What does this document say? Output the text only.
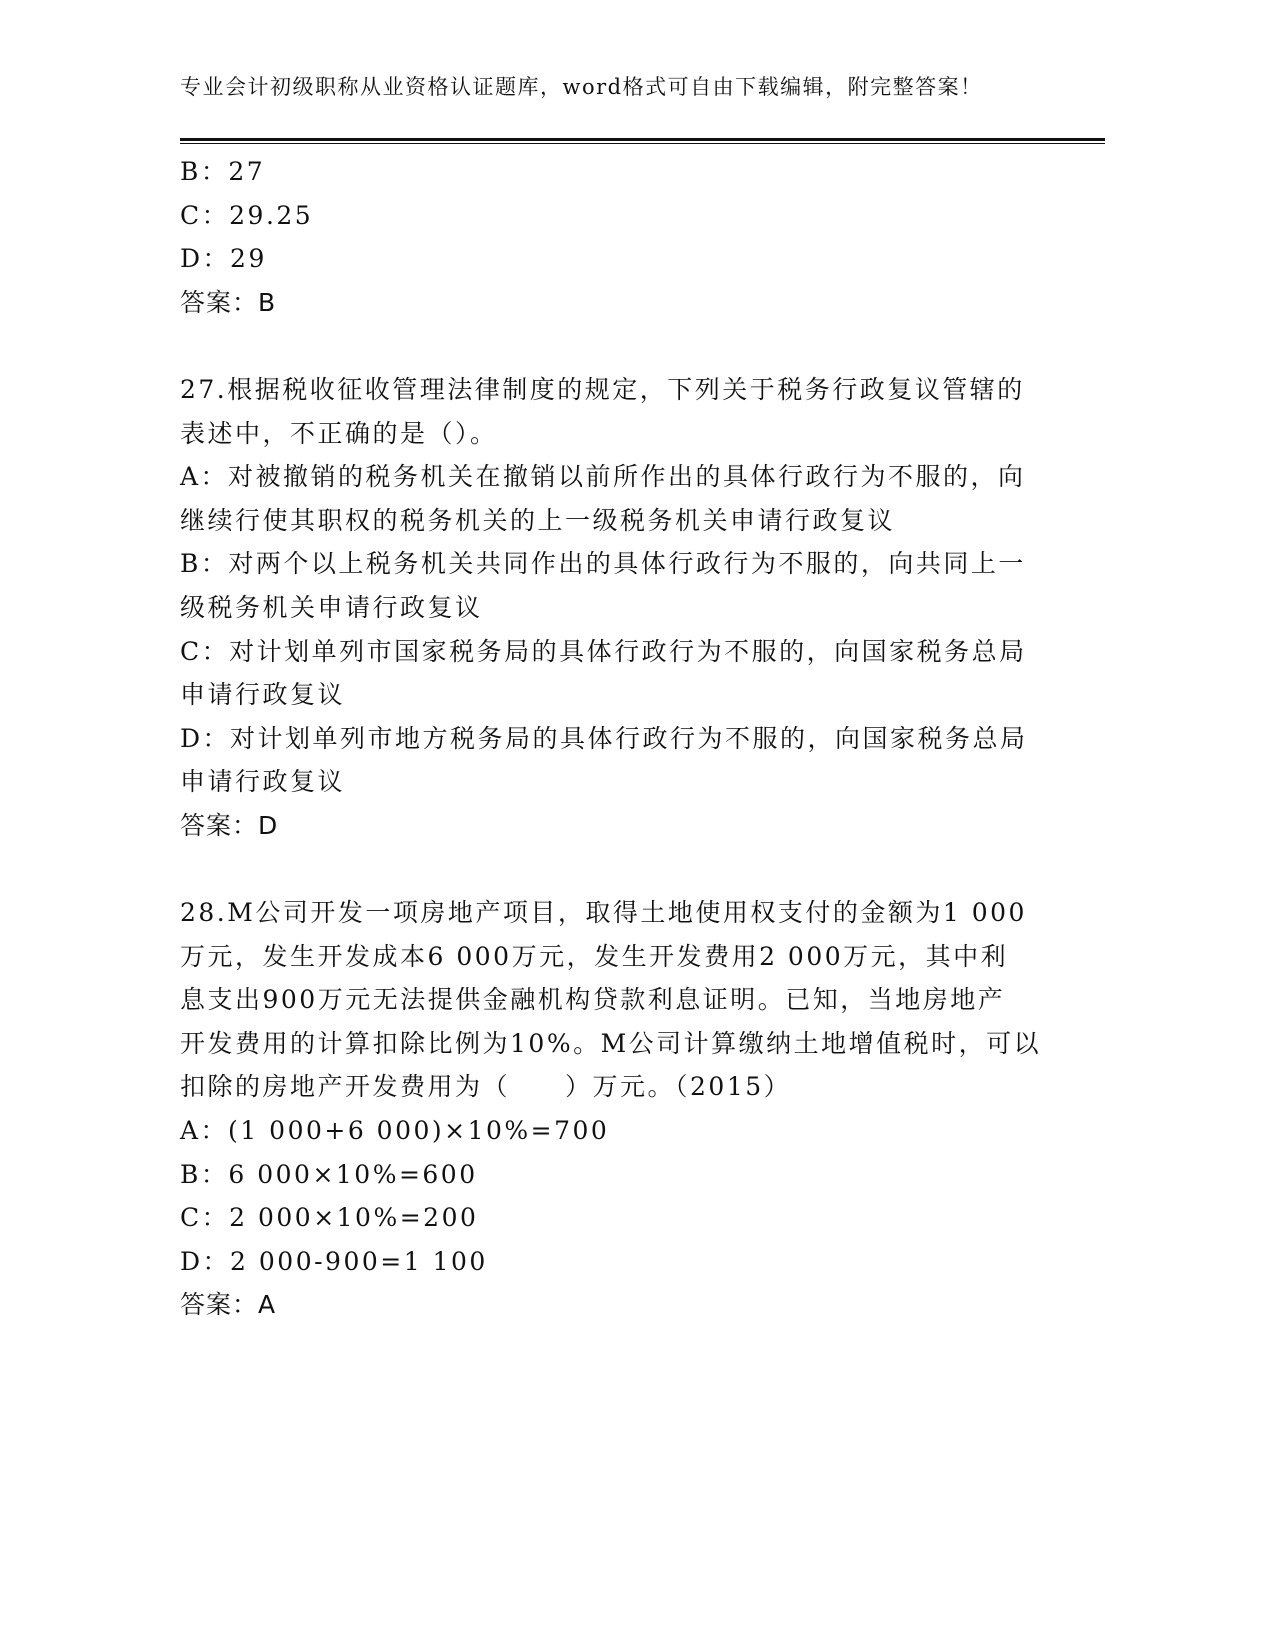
专业会计初级职称从业资格认证题库，word格式可自由下载编辑，附完整答案！

B：27

C：29.25

D：29

答案：B

27.根据税收征收管理法律制度的规定，下列关于税务行政复议管辖的

表述中，不正确的是（）。

A：对被撤销的税务机关在撤销以前所作出的具体行政行为不服的，向

继续行使其职权的税务机关的上一级税务机关申请行政复议

B：对两个以上税务机关共同作出的具体行政行为不服的，向共同上一

级税务机关申请行政复议

C：对计划单列市国家税务局的具体行政行为不服的，向国家税务总局

申请行政复议

D：对计划单列市地方税务局的具体行政行为不服的，向国家税务总局

申请行政复议

答案：D

28.M公司开发一项房地产项目，取得土地使用权支付的金额为1 000

万元，发生开发成本6 000万元，发生开发费用2 000万元，其中利

息支出900万元无法提供金融机构贷款利息证明。已知，当地房地产

开发费用的计算扣除比例为10%。M公司计算缴纳土地增值税时，可以

扣除的房地产开发费用为（　　）万元。（2015）

A：(1 000+6 000)×10%=700

B：6 000×10%=600

C：2 000×10%=200

D：2 000-900=1 100

答案：A
